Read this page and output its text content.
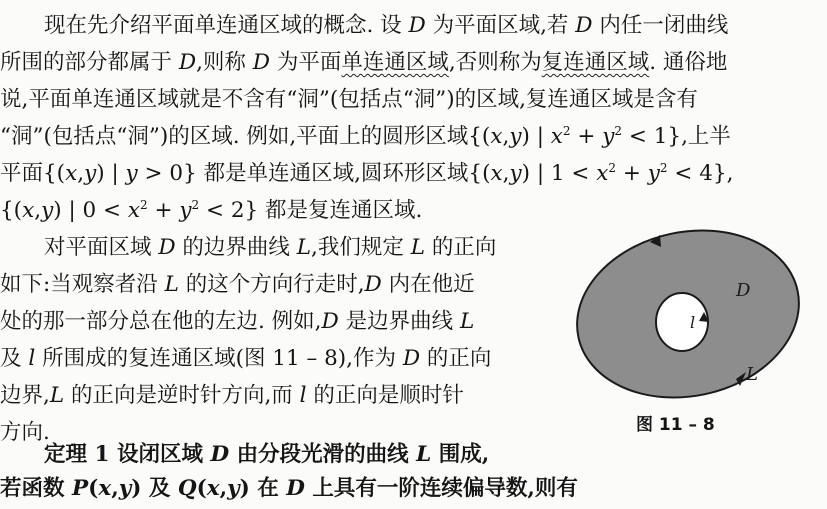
现在先介绍平面单连通区域的概念. 设 D 为平面区域,若 D 内任一闭曲线
所围的部分都属于 D,则称 D 为平面单连通区域,否则称为复连通区域. 通俗地
说,平面单连通区域就是不含有“洞”(包括点“洞”)的区域,复连通区域是含有
“洞”(包括点“洞”)的区域. 例如,平面上的圆形区域{(x,y) | $x^2 + y^2 < 1$},上半
平面{(x,y) | y > 0} 都是单连通区域,圆环形区域{(x,y) | $1 < x^2 + y^2 < 4$},
{(x,y) | $0 < x^2 + y^2 < 2$} 都是复连通区域.
对平面区域 D 的边界曲线 L,我们规定 L 的正向
如下:当观察者沿 L 的这个方向行走时,D 内在他近
处的那一部分总在他的左边. 例如,D 是边界曲线 L
及 l 所围成的复连通区域(图 11 – 8),作为 D 的正向
边界,L 的正向是逆时针方向,而 l 的正向是顺时针
方向.
定理 1 设闭区域 D 由分段光滑的曲线 L 围成,
若函数 P(x,y) 及 Q(x,y) 在 D 上具有一阶连续偏导数,则有
D
l
L
图 11 – 8
